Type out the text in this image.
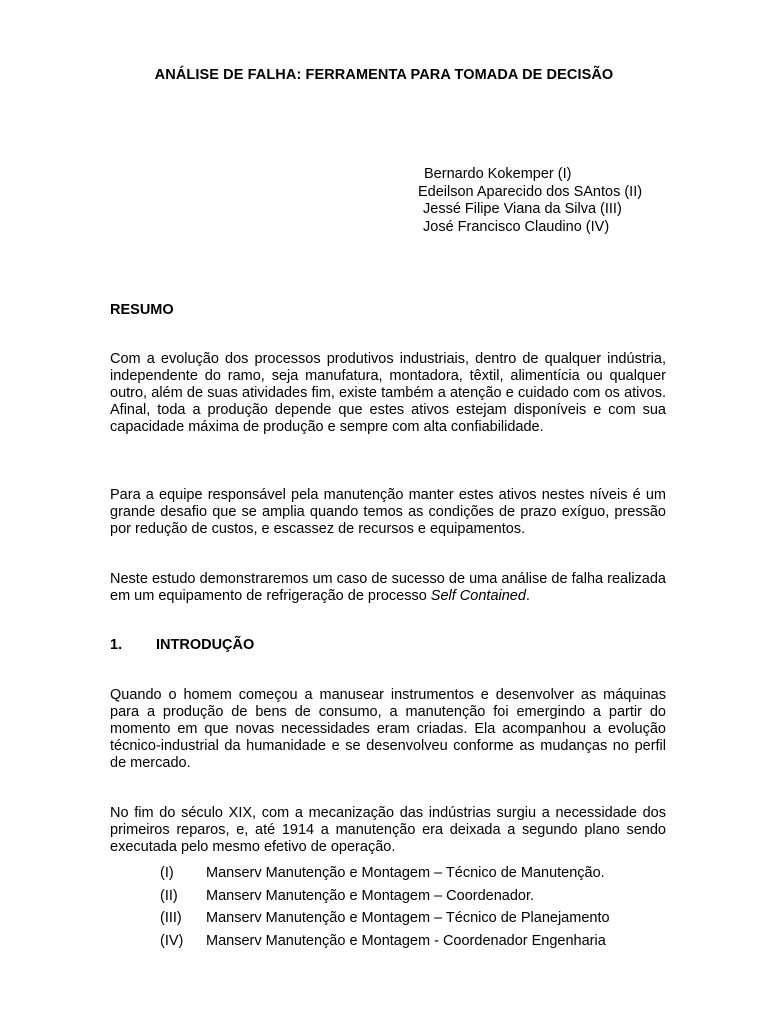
ANÁLISE DE FALHA: FERRAMENTA PARA TOMADA DE DECISÃO
Bernardo Kokemper (I)
Edeilson Aparecido dos SAntos (II)
Jessé Filipe Viana da Silva (III)
José Francisco Claudino (IV)
RESUMO

Com a evolução dos processos produtivos industriais, dentro de qualquer indústria, independente do ramo, seja manufatura, montadora, têxtil, alimentícia ou qualquer outro, além de suas atividades fim, existe também a atenção e cuidado com os ativos. Afinal, toda a produção depende que estes ativos estejam disponíveis e com sua capacidade máxima de produção e sempre com alta confiabilidade.

Para a equipe responsável pela manutenção manter estes ativos nestes níveis é um grande desafio que se amplia quando temos as condições de prazo exíguo, pressão por redução de custos, e escassez de recursos e equipamentos.

Neste estudo demonstraremos um caso de sucesso de uma análise de falha realizada em um equipamento de refrigeração de processo Self Contained.

1. INTRODUÇÃO

Quando o homem começou a manusear instrumentos e desenvolver as máquinas para a produção de bens de consumo, a manutenção foi emergindo a partir do momento em que novas necessidades eram criadas. Ela acompanhou a evolução técnico-industrial da humanidade e se desenvolveu conforme as mudanças no perfil de mercado.

No fim do século XIX, com a mecanização das indústrias surgiu a necessidade dos primeiros reparos, e, até 1914 a manutenção era deixada a segundo plano sendo executada pelo mesmo efetivo de operação.

(I) Manserv Manutenção e Montagem – Técnico de Manutenção.
(II) Manserv Manutenção e Montagem – Coordenador.
(III) Manserv Manutenção e Montagem – Técnico de Planejamento
(IV) Manserv Manutenção e Montagem - Coordenador Engenharia
